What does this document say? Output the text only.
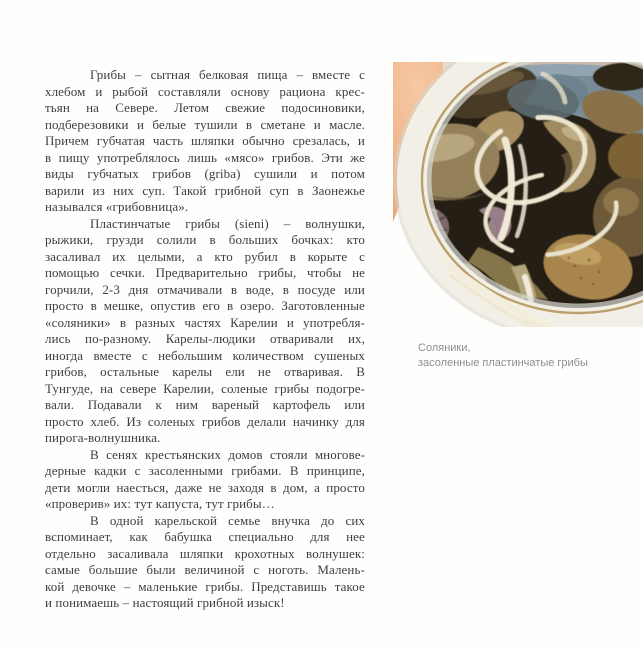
Грибы – сытная белковая пища – вместе с
хлебом и рыбой составляли основу рациона крес-
тьян на Севере. Летом свежие подосиновики,
подберезовики и белые тушили в сметане и масле.
Причем губчатая часть шляпки обычно срезалась, и
в пищу употреблялось лишь «мясо» грибов. Эти же
виды губчатых грибов (griba) сушили и потом
варили из них суп. Такой грибной суп в Заонежье
назывался «грибовница».
Пластинчатые грибы (sieni) – волнушки,
рыжики, грузди солили в больших бочках: кто
засаливал их целыми, а кто рубил в корыте с
помощью сечки. Предварительно грибы, чтобы не
горчили, 2-3 дня отмачивали в воде, в посуде или
просто в мешке, опустив его в озеро. Заготовленные
«соляники» в разных частях Карелии и употребля-
лись по-разному. Карелы-людики отваривали их,
иногда вместе с небольшим количеством сушеных
грибов, остальные карелы ели не отваривая. В
Тунгуде, на севере Карелии, соленые грибы подогре-
вали. Подавали к ним вареный картофель или
просто хлеб. Из соленых грибов делали начинку для
пирога-волнушника.
В сенях крестьянских домов стояли многове-
дерные кадки с засоленными грибами. В принципе,
дети могли наесться, даже не заходя в дом, а просто
«проверив» их: тут капуста, тут грибы…
В одной карельской семье внучка до сих
вспоминает, как бабушка специально для нее
отдельно засаливала шляпки крохотных волнушек:
самые большие были величиной с ноготь. Малень-
кой девочке – маленькие грибы. Представишь такое
и понимаешь – настоящий грибной изыск!
Соляники,
засоленные пластинчатые грибы
